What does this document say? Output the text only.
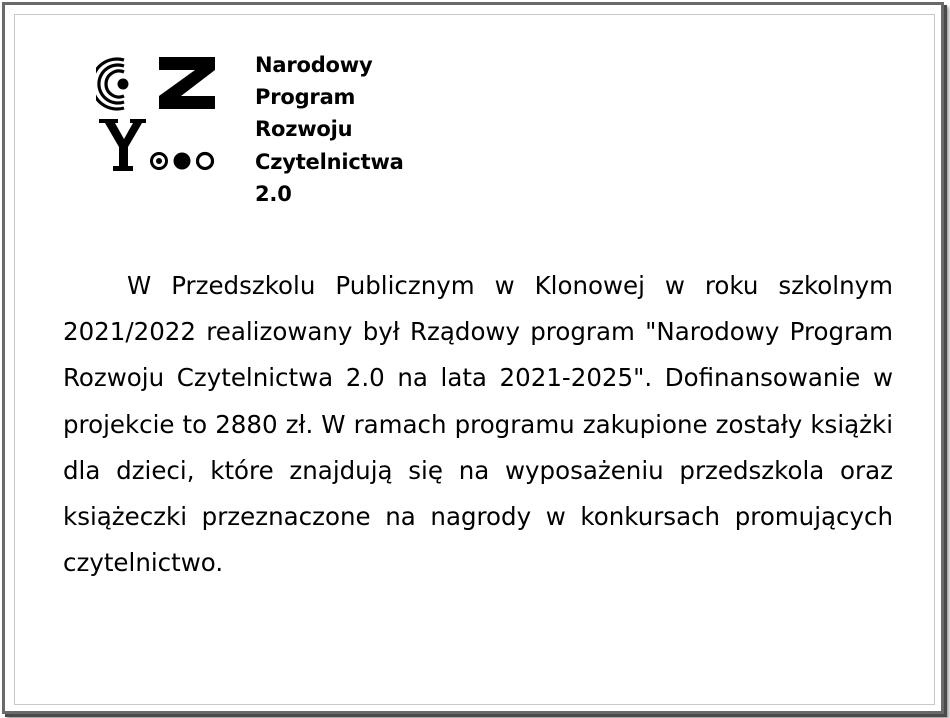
Narodowy
Program
Rozwoju
Czytelnictwa
2.0

W Przedszkolu Publicznym w Klonowej w roku szkolnym 2021/2022 realizowany był Rządowy program "Narodowy Program Rozwoju Czytelnictwa 2.0 na lata 2021-2025". Dofinansowanie w projekcie to 2880 zł. W ramach programu zakupione zostały książki dla dzieci, które znajdują się na wyposażeniu przedszkola oraz książeczki przeznaczone na nagrody w konkursach promujących czytelnictwo.
